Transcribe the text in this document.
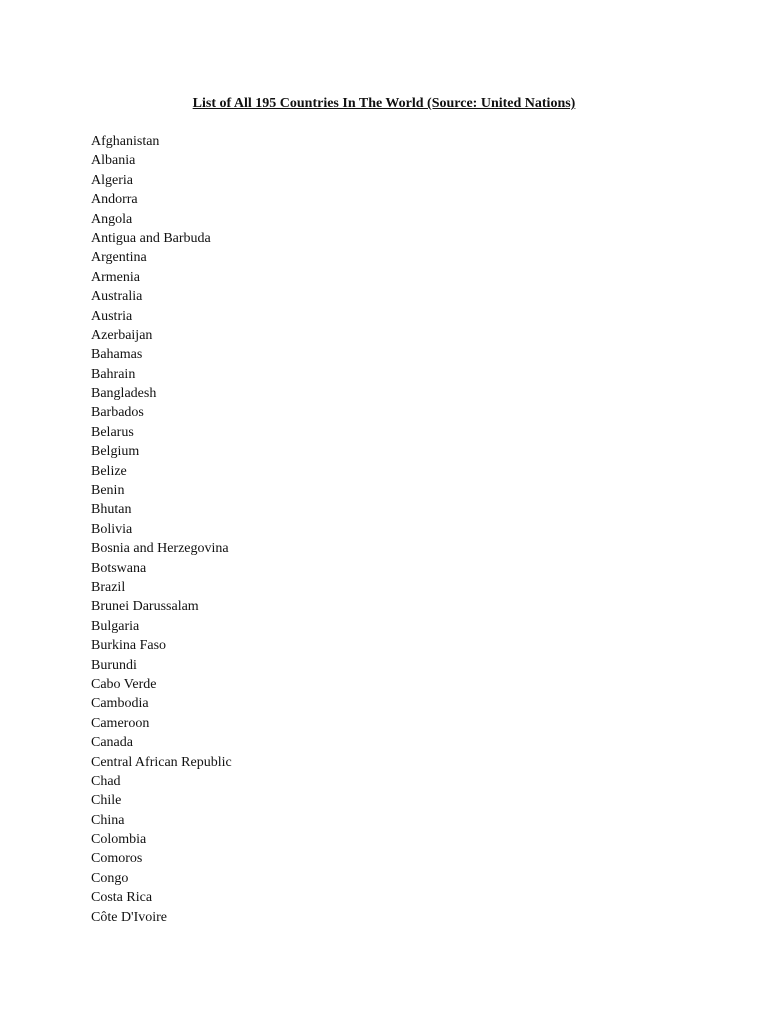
List of All 195 Countries In The World (Source: United Nations)
Afghanistan
Albania
Algeria
Andorra
Angola
Antigua and Barbuda
Argentina
Armenia
Australia
Austria
Azerbaijan
Bahamas
Bahrain
Bangladesh
Barbados
Belarus
Belgium
Belize
Benin
Bhutan
Bolivia
Bosnia and Herzegovina
Botswana
Brazil
Brunei Darussalam
Bulgaria
Burkina Faso
Burundi
Cabo Verde
Cambodia
Cameroon
Canada
Central African Republic
Chad
Chile
China
Colombia
Comoros
Congo
Costa Rica
Côte D'Ivoire
